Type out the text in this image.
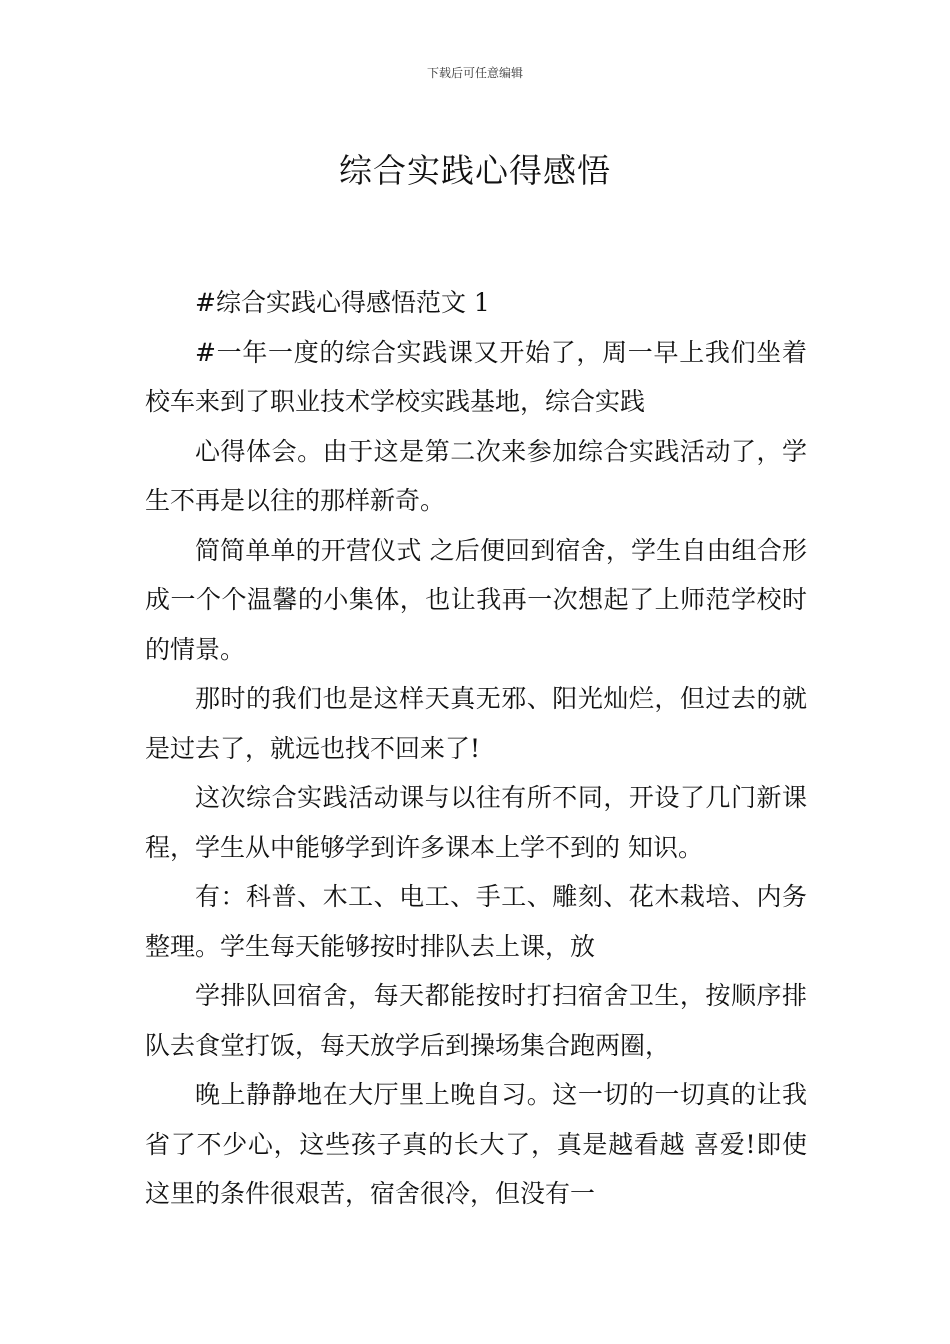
下载后可任意编辑
综合实践心得感悟

#综合实践心得感悟范文 1

#一年一度的综合实践课又开始了，周一早上我们坐着校车来到了职业技术学校实践基地，综合实践

心得体会。由于这是第二次来参加综合实践活动了，学生不再是以往的那样新奇。

简简单单的开营仪式 之后便回到宿舍，学生自由组合形成一个个温馨的小集体，也让我再一次想起了上师范学校时的情景。

那时的我们也是这样天真无邪、阳光灿烂，但过去的就是过去了，就远也找不回来了!

这次综合实践活动课与以往有所不同，开设了几门新课程，学生从中能够学到许多课本上学不到的 知识。

有：科普、木工、电工、手工、雕刻、花木栽培、内务整理。学生每天能够按时排队去上课，放

学排队回宿舍，每天都能按时打扫宿舍卫生，按顺序排队去食堂打饭，每天放学后到操场集合跑两圈，

晚上静静地在大厅里上晚自习。这一切的一切真的让我省了不少心，这些孩子真的长大了，真是越看越 喜爱!即使这里的条件很艰苦，宿舍很冷，但没有一
